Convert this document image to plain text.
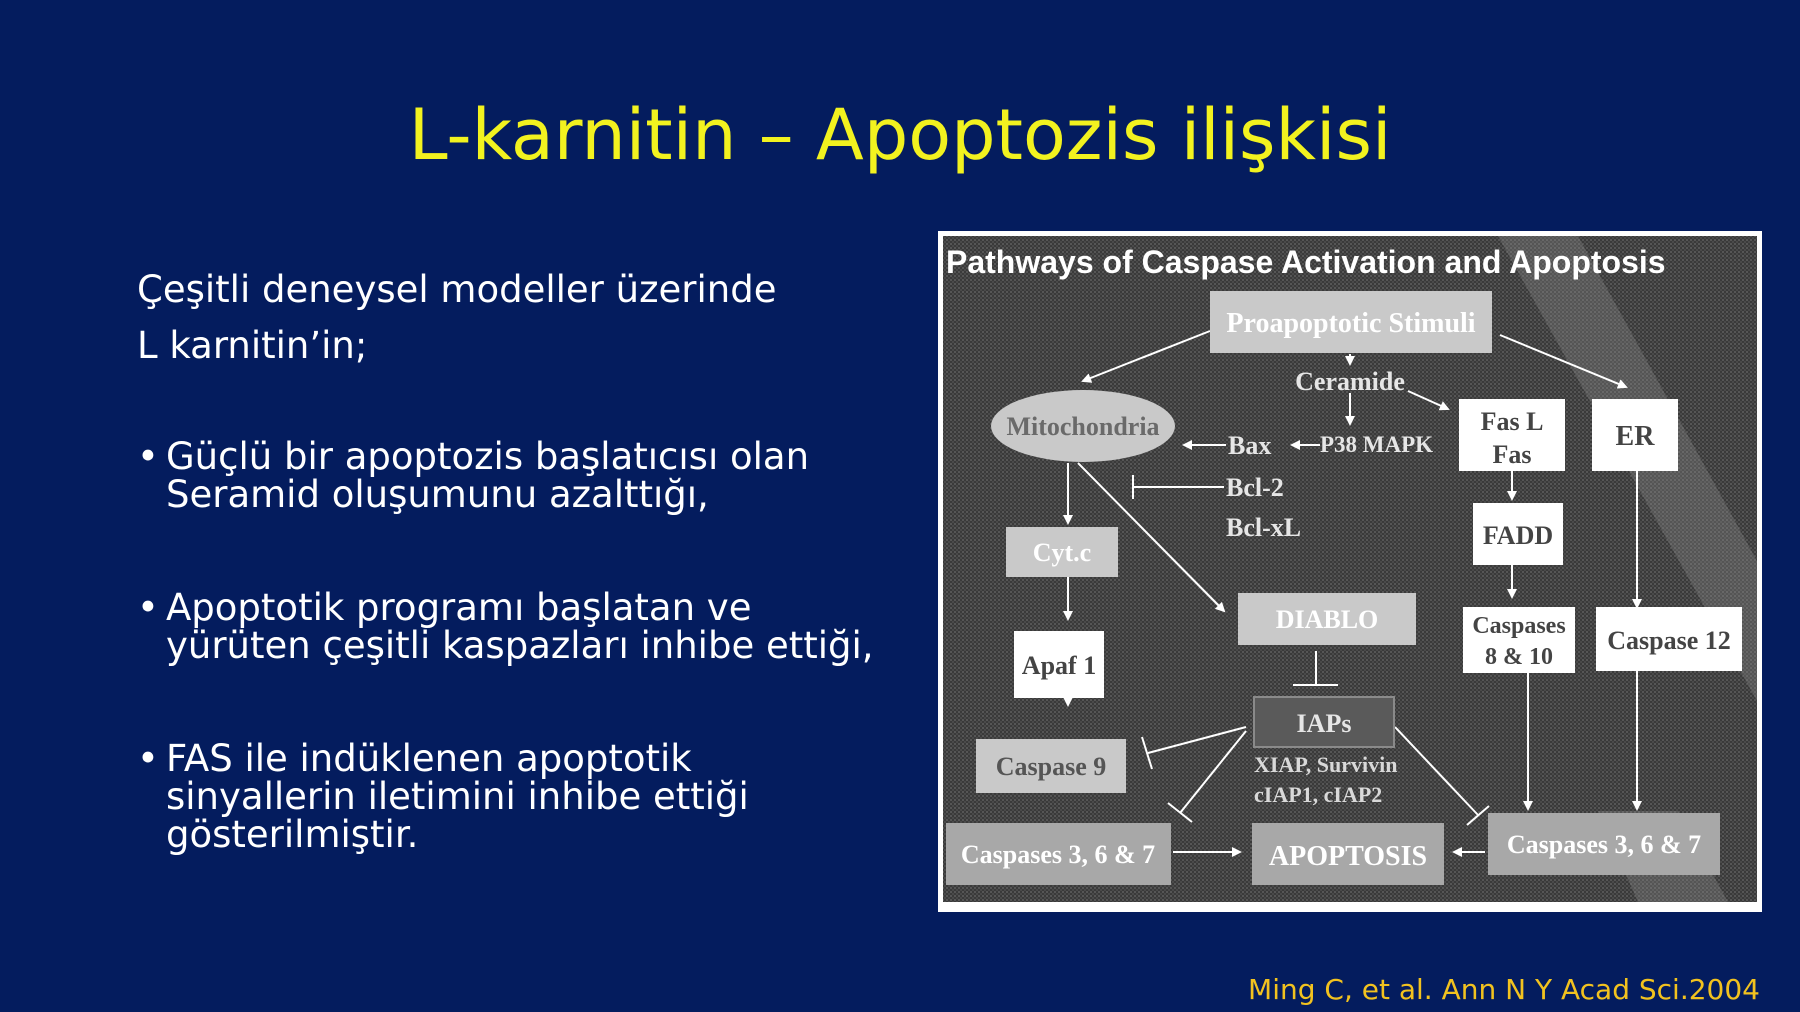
L-karnitin – Apoptozis ilişkisi
Çeşitli deneysel modeller üzerinde
L karnitin’in;
• Güçlü bir apoptozis başlatıcısı olan Seramid oluşumunu azalttığı,
• Apoptotik programı başlatan ve yürüten çeşitli kaspazları inhibe ettiği,
• FAS ile indüklenen apoptotik sinyallerin iletimini inhibe ettiği gösterilmiştir.
Pathways of Caspase Activation and Apoptosis
Proapoptotic Stimuli
Ceramide
Mitochondria
Bax P38 MAPK
Bcl-2
Bcl-xL
Fas L
Fas
ER
FADD
Cyt.c
DIABLO	Caspases
8 & 10
Caspase 12
Apaf 1
IAPs
XIAP, Survivin
cIAP1, cIAP2
Caspase 9
Caspases 3, 6 & 7	APOPTOSIS	Caspases 3, 6 & 7
Ming C, et al. Ann N Y Acad Sci.2004
